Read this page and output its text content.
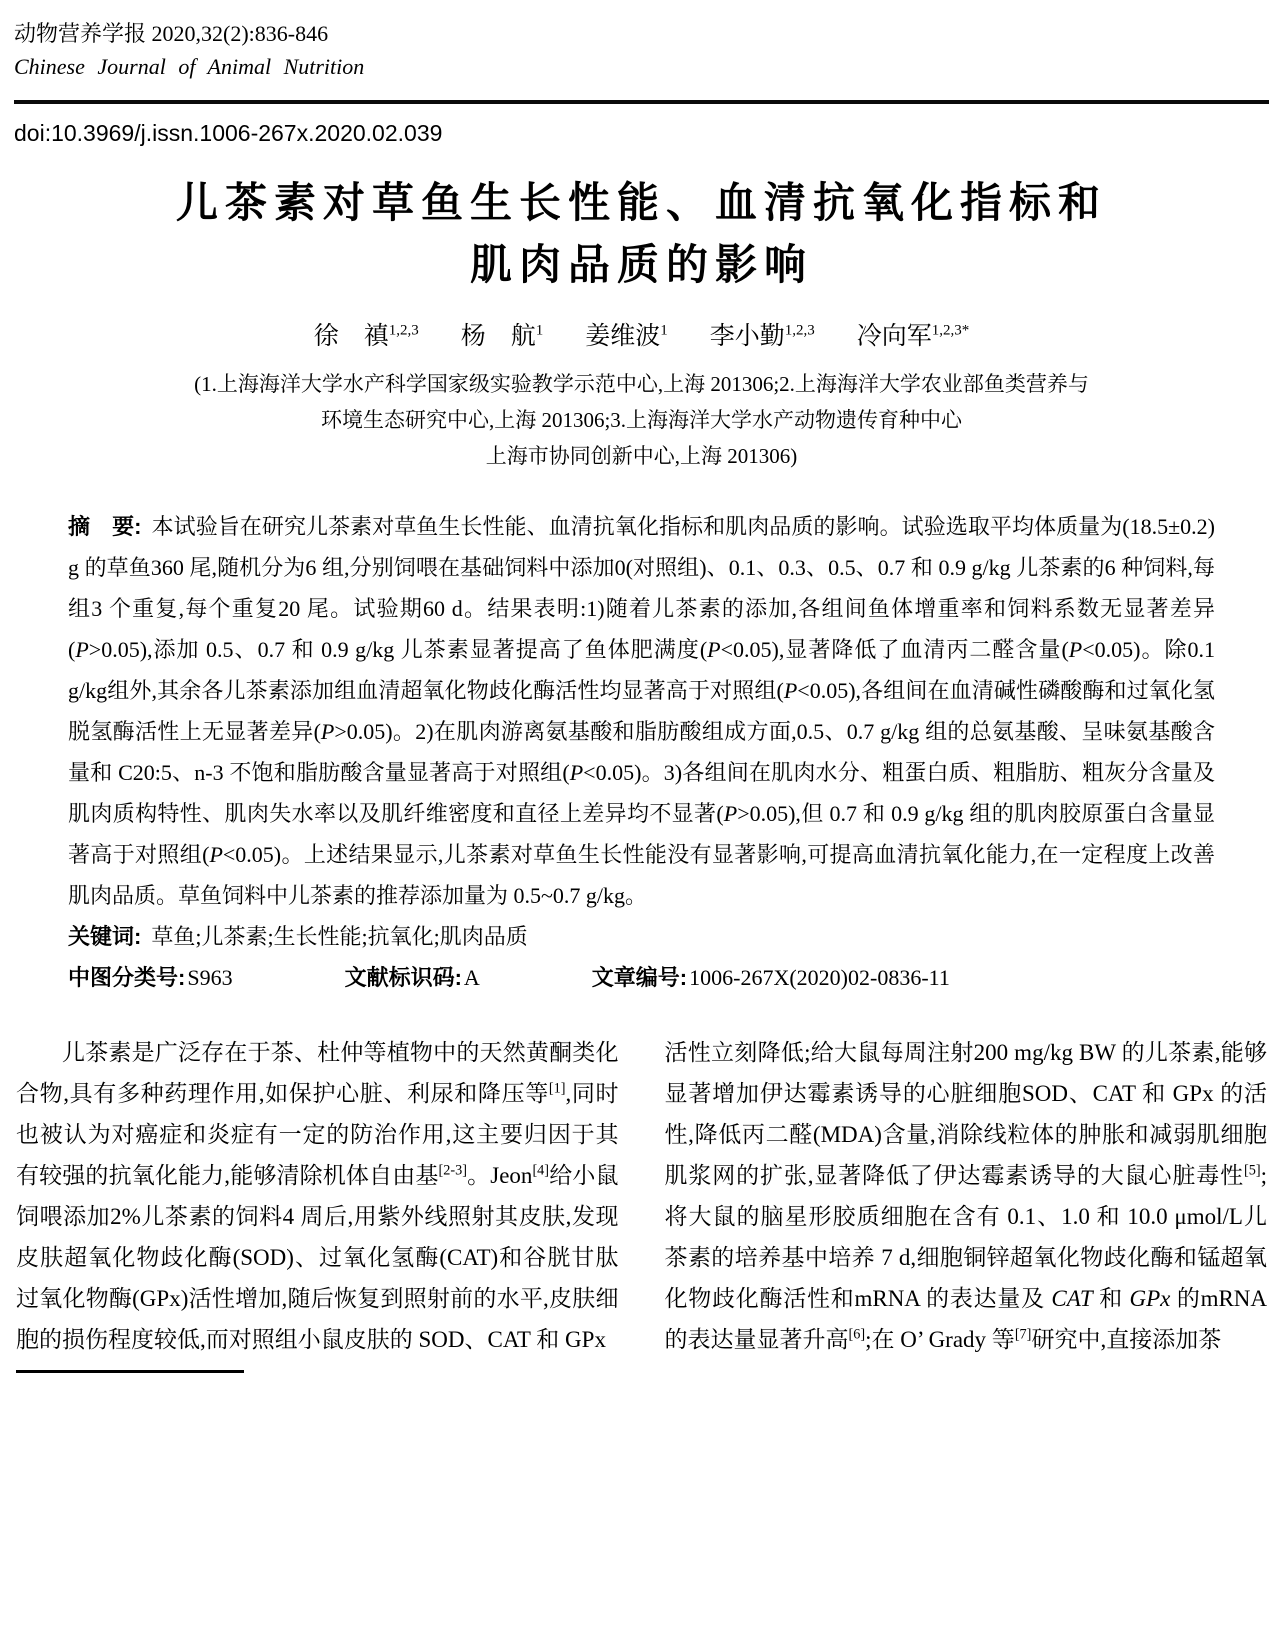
动物营养学报 2020,32(2):836-846
Chinese Journal of Animal Nutrition
doi:10.3969/j.issn.1006-267x.2020.02.039
儿茶素对草鱼生长性能、血清抗氧化指标和
肌肉品质的影响
徐　禛$^{1,2,3}$ 杨　航$^1$ 姜维波$^1$ 李小勤$^{1,2,3}$ 冷向军$^{1,2,3*}$
(1.上海海洋大学水产科学国家级实验教学示范中心,上海 201306;2.上海海洋大学农业部鱼类营养与
环境生态研究中心,上海 201306;3.上海海洋大学水产动物遗传育种中心
上海市协同创新中心,上海 201306)

摘　要: 本试验旨在研究儿茶素对草鱼生长性能、血清抗氧化指标和肌肉品质的影响。试验选取平均体质量为(18.5±0.2) g 的草鱼360 尾,随机分为6 组,分别饲喂在基础饲料中添加0(对照组)、0.1、0.3、0.5、0.7 和 0.9 g/kg 儿茶素的6 种饲料,每组3 个重复,每个重复20 尾。试验期60 d。结果表明:1)随着儿茶素的添加,各组间鱼体增重率和饲料系数无显著差异(P>0.05),添加 0.5、0.7 和 0.9 g/kg 儿茶素显著提高了鱼体肥满度(P<0.05),显著降低了血清丙二醛含量(P<0.05)。除0.1 g/kg组外,其余各儿茶素添加组血清超氧化物歧化酶活性均显著高于对照组(P<0.05),各组间在血清碱性磷酸酶和过氧化氢脱氢酶活性上无显著差异(P>0.05)。2)在肌肉游离氨基酸和脂肪酸组成方面,0.5、0.7 g/kg 组的总氨基酸、呈味氨基酸含量和 C20:5、n-3 不饱和脂肪酸含量显著高于对照组(P<0.05)。3)各组间在肌肉水分、粗蛋白质、粗脂肪、粗灰分含量及肌肉质构特性、肌肉失水率以及肌纤维密度和直径上差异均不显著(P>0.05),但 0.7 和 0.9 g/kg 组的肌肉胶原蛋白含量显著高于对照组(P<0.05)。上述结果显示,儿茶素对草鱼生长性能没有显著影响,可提高血清抗氧化能力,在一定程度上改善肌肉品质。草鱼饲料中儿茶素的推荐添加量为 0.5~0.7 g/kg。

关键词: 草鱼;儿茶素;生长性能;抗氧化;肌肉品质

中图分类号:S963	文献标识码:A	文章编号:1006-267X(2020)02-0836-11

儿茶素是广泛存在于茶、杜仲等植物中的天然黄酮类化合物,具有多种药理作用,如保护心脏、利尿和降压等[1],同时也被认为对癌症和炎症有一定的防治作用,这主要归因于其有较强的抗氧化能力,能够清除机体自由基[2-3]。Jeon[4]给小鼠饲喂添加2%儿茶素的饲料4 周后,用紫外线照射其皮肤,发现皮肤超氧化物歧化酶(SOD)、过氧化氢酶(CAT)和谷胱甘肽过氧化物酶(GPx)活性增加,随后恢复到照射前的水平,皮肤细胞的损伤程度较低,而对照组小鼠皮肤的 SOD、CAT 和 GPx

活性立刻降低;给大鼠每周注射200 mg/kg BW 的儿茶素,能够显著增加伊达霉素诱导的心脏细胞SOD、CAT 和 GPx 的活性,降低丙二醛(MDA)含量,消除线粒体的肿胀和减弱肌细胞肌浆网的扩张,显著降低了伊达霉素诱导的大鼠心脏毒性[5];将大鼠的脑星形胶质细胞在含有 0.1、1.0 和 10.0 μmol/L儿茶素的培养基中培养 7 d,细胞铜锌超氧化物歧化酶和锰超氧化物歧化酶活性和mRNA 的表达量及 CAT 和 GPx 的mRNA的表达量显著升高[6];在 O’ Grady 等[7]研究中,直接添加茶
